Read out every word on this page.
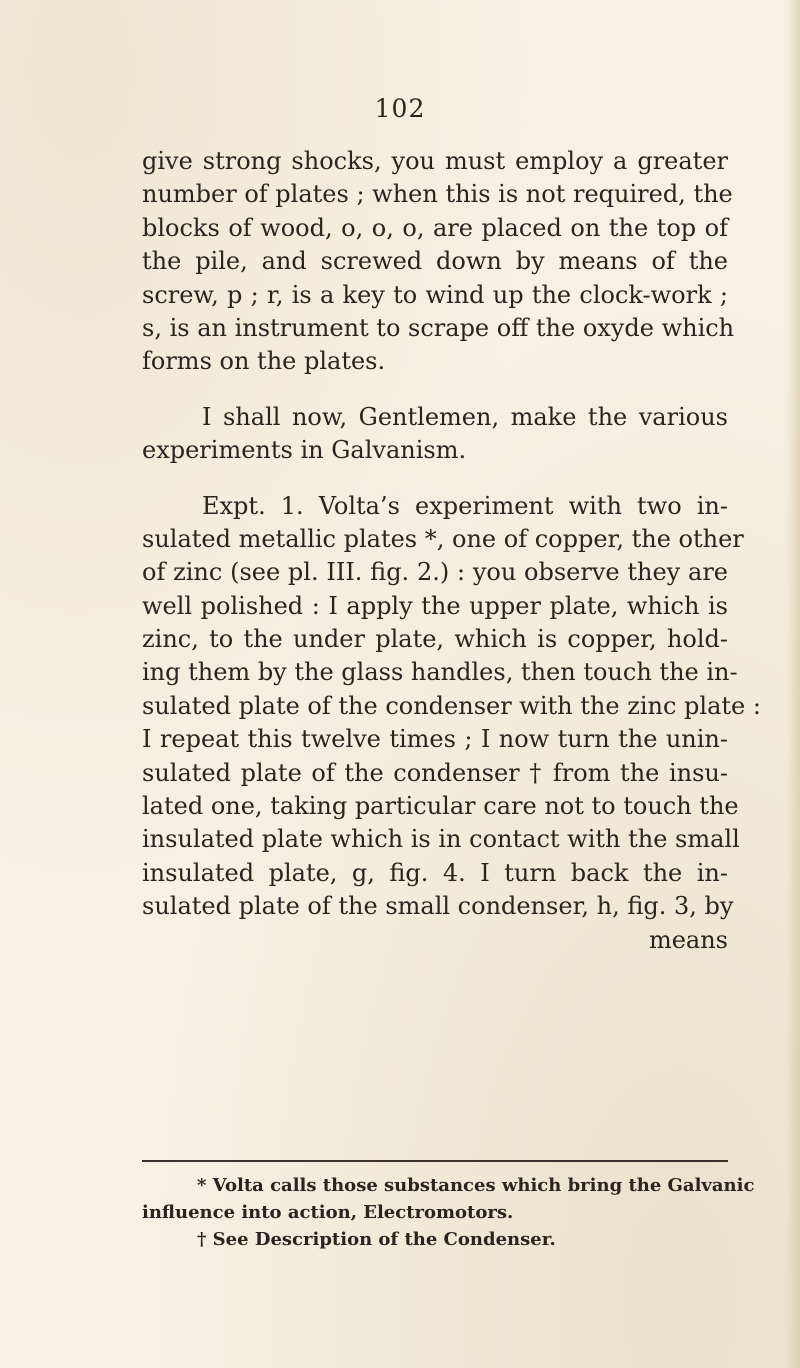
102
give strong shocks, you must employ a greater
number of plates ; when this is not required, the
blocks of wood, o, o, o, are placed on the top of
the pile, and screwed down by means of the
screw, p ; r, is a key to wind up the clock-work ;
s, is an instrument to scrape off the oxyde which
forms on the plates.
I shall now, Gentlemen, make the various
experiments in Galvanism.
Expt. 1. Volta’s experiment with two in-
sulated metallic plates *, one of copper, the other
of zinc (see pl. III. fig. 2.) : you observe they are
well polished : I apply the upper plate, which is
zinc, to the under plate, which is copper, hold-
ing them by the glass handles, then touch the in-
sulated plate of the condenser with the zinc plate :
I repeat this twelve times ; I now turn the unin-
sulated plate of the condenser † from the insu-
lated one, taking particular care not to touch the
insulated plate which is in contact with the small
insulated plate, g, fig. 4. I turn back the in-
sulated plate of the small condenser, h, fig. 3, by
means
* Volta calls those substances which bring the Galvanic
influence into action, Electromotors.
† See Description of the Condenser.
